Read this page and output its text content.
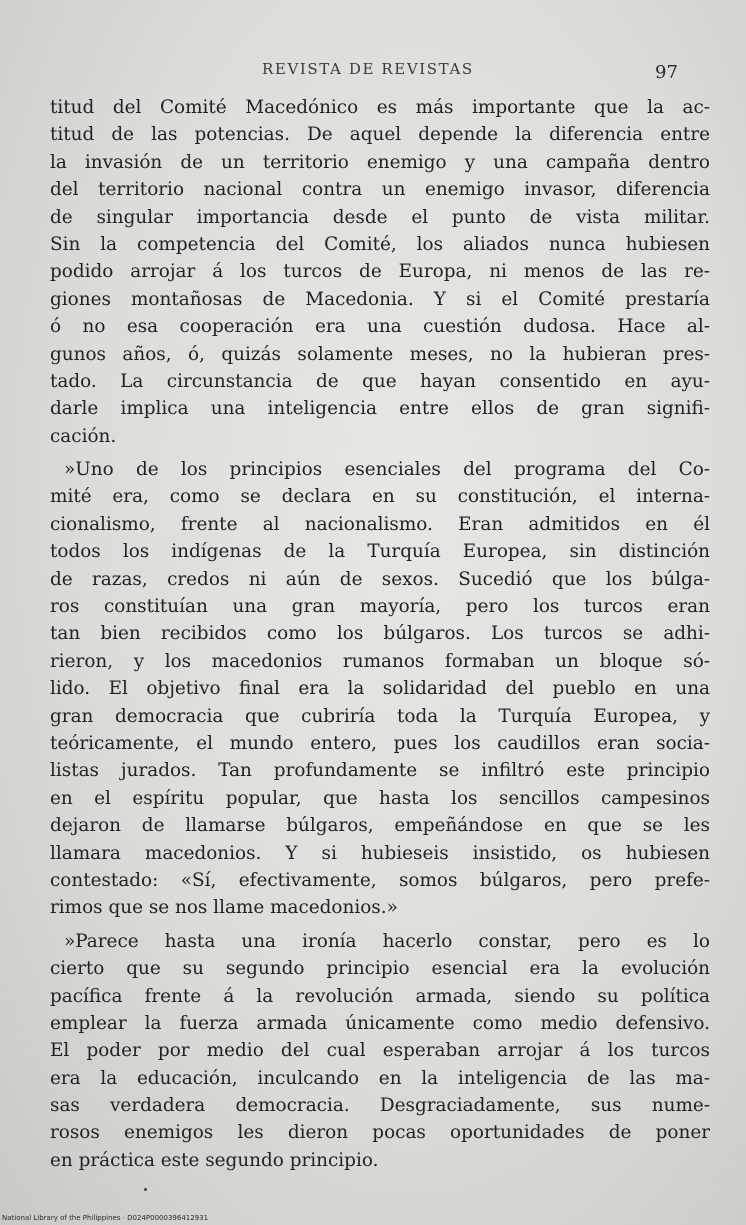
REVISTA DE REVISTAS	97
titud del Comité Macedónico es más importante que la ac-
titud de las potencias. De aquel depende la diferencia entre
la invasión de un territorio enemigo y una campaña dentro
del territorio nacional contra un enemigo invasor, diferencia
de singular importancia desde el punto de vista militar.
Sin la competencia del Comité, los aliados nunca hubiesen
podido arrojar á los turcos de Europa, ni menos de las re-
giones montañosas de Macedonia. Y si el Comité prestaría
ó no esa cooperación era una cuestión dudosa. Hace al-
gunos años, ó, quizás solamente meses, no la hubieran pres-
tado. La circunstancia de que hayan consentido en ayu-
darle implica una inteligencia entre ellos de gran signifi-
cación.
»Uno de los principios esenciales del programa del Co-
mité era, como se declara en su constitución, el interna-
cionalismo, frente al nacionalismo. Eran admitidos en él
todos los indígenas de la Turquía Europea, sin distinción
de razas, credos ni aún de sexos. Sucedió que los búlga-
ros constituían una gran mayoría, pero los turcos eran
tan bien recibidos como los búlgaros. Los turcos se adhi-
rieron, y los macedonios rumanos formaban un bloque só-
lido. El objetivo final era la solidaridad del pueblo en una
gran democracia que cubriría toda la Turquía Europea, y
teóricamente, el mundo entero, pues los caudillos eran socia-
listas jurados. Tan profundamente se infiltró este principio
en el espíritu popular, que hasta los sencillos campesinos
dejaron de llamarse búlgaros, empeñándose en que se les
llamara macedonios. Y si hubieseis insistido, os hubiesen
contestado: «Sí, efectivamente, somos búlgaros, pero prefe-
rimos que se nos llame macedonios.»
»Parece hasta una ironía hacerlo constar, pero es lo
cierto que su segundo principio esencial era la evolución
pacífica frente á la revolución armada, siendo su política
emplear la fuerza armada únicamente como medio defensivo.
El poder por medio del cual esperaban arrojar á los turcos
era la educación, inculcando en la inteligencia de las ma-
sas verdadera democracia. Desgraciadamente, sus nume-
rosos enemigos les dieron pocas oportunidades de poner
en práctica este segundo principio.
National Library of the Philippines · D024P0000396412931
